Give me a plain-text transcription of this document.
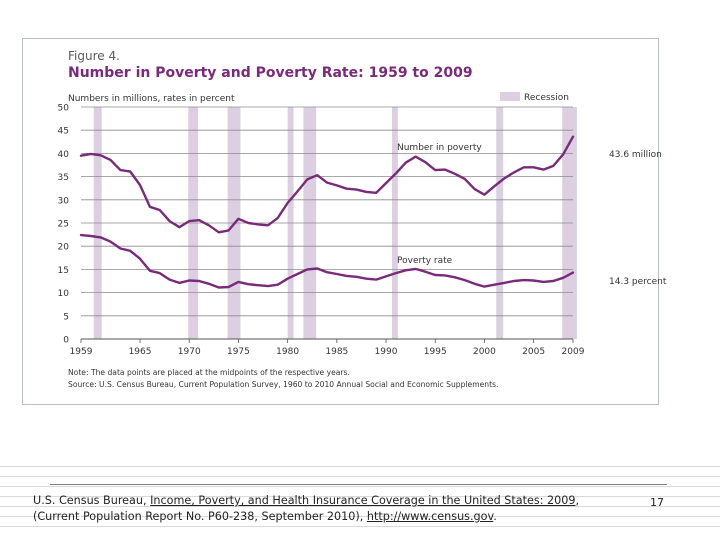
Figure 4.
Number in Poverty and Poverty Rate: 1959 to 2009
Numbers in millions, rates in percent	Recession
0
5
10
15
20
25
30
35
40
45
50
1959	1965	1970	1975	1980	1985	1990	1995	2000	2005 2009
Number in poverty
43.6 million
Poverty rate
14.3 percent
Note: The data points are placed at the midpoints of the respective years.
Source: U.S. Census Bureau, Current Population Survey, 1960 to 2010 Annual Social and Economic Supplements.
U.S. Census Bureau, Income, Poverty, and Health Insurance Coverage in the United States: 2009,
(Current Population Report No. P60-238, September 2010), http://www.census.gov.
17
